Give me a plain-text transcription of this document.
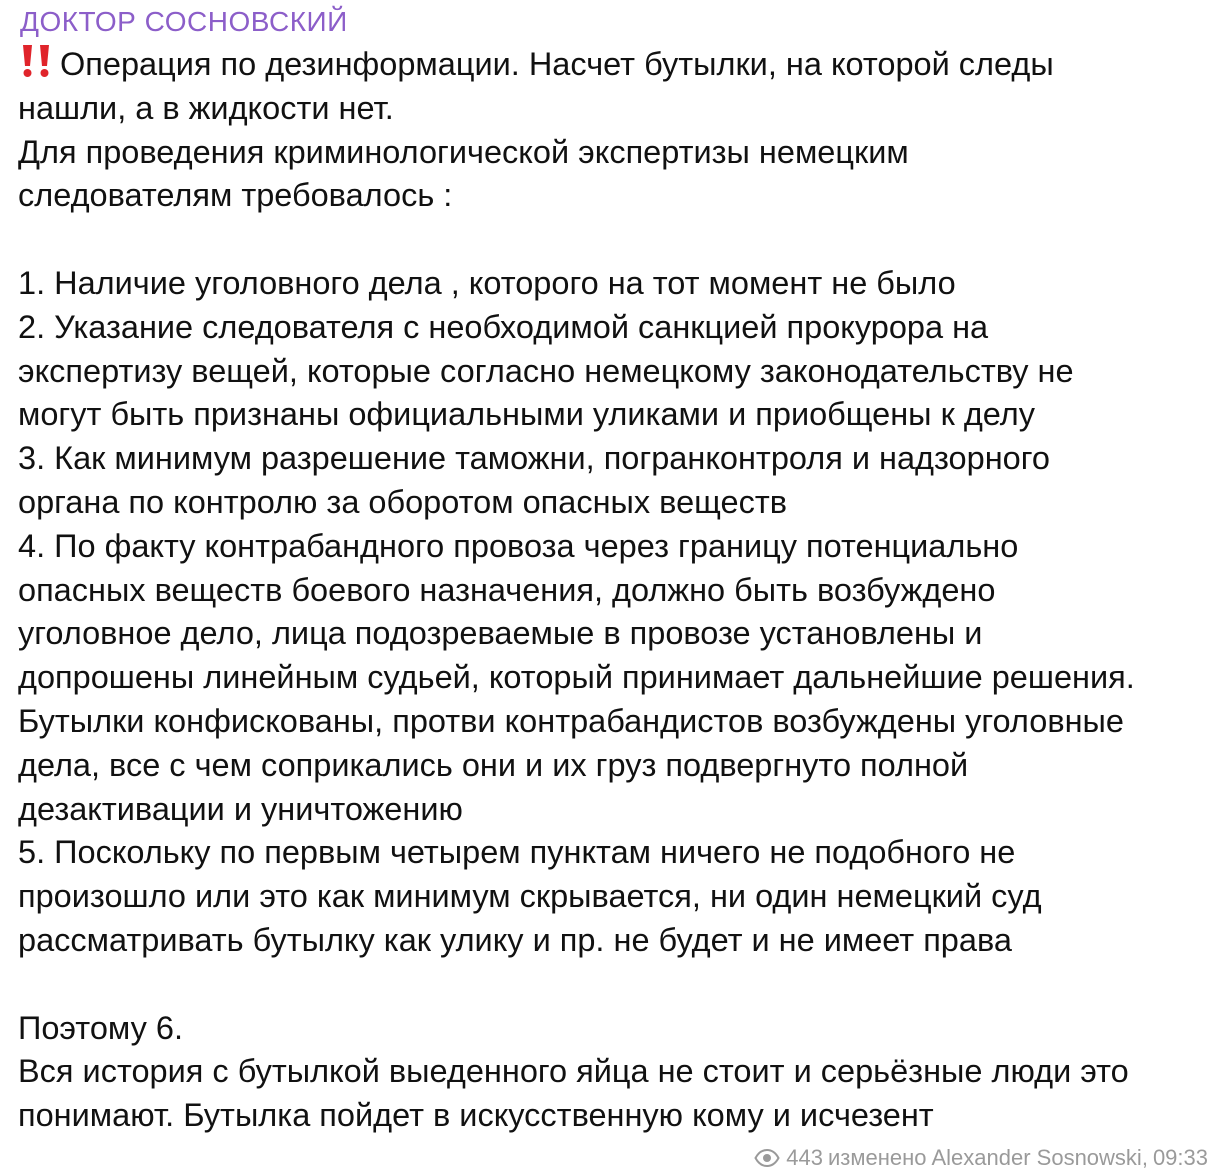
ДОКТОР СОСНОВСКИЙ
Операция по дезинформации. Насчет бутылки, на которой следы
нашли, а в жидкости нет.
Для проведения криминологической экспертизы немецким
следователям требовалось :
1. Наличие уголовного дела , которого на тот момент не было
2. Указание следователя с необходимой санкцией прокурора на
экспертизу вещей, которые согласно немецкому законодательству не
могут быть признаны официальными уликами и приобщены к делу
3. Как минимум разрешение таможни, погранконтроля и надзорного
органа по контролю за оборотом опасных веществ
4. По факту контрабандного провоза через границу потенциально
опасных веществ боевого назначения, должно быть возбуждено
уголовное дело, лица подозреваемые в провозе установлены и
допрошены линейным судьей, который принимает дальнейшие решения.
Бутылки конфискованы, протви контрабандистов возбуждены уголовные
дела, все с чем соприкались они и их груз подвергнуто полной
дезактивации и уничтожению
5. Поскольку по первым четырем пунктам ничего не подобного не
произошло или это как минимум скрывается, ни один немецкий суд
рассматривать бутылку как улику и пр. не будет и не имеет права
Поэтому 6.
Вся история с бутылкой выеденного яйца не стоит и серьёзные люди это
понимают. Бутылка пойдет в искусственную кому и исчезент
443 изменено Alexander Sosnowski, 09:33
